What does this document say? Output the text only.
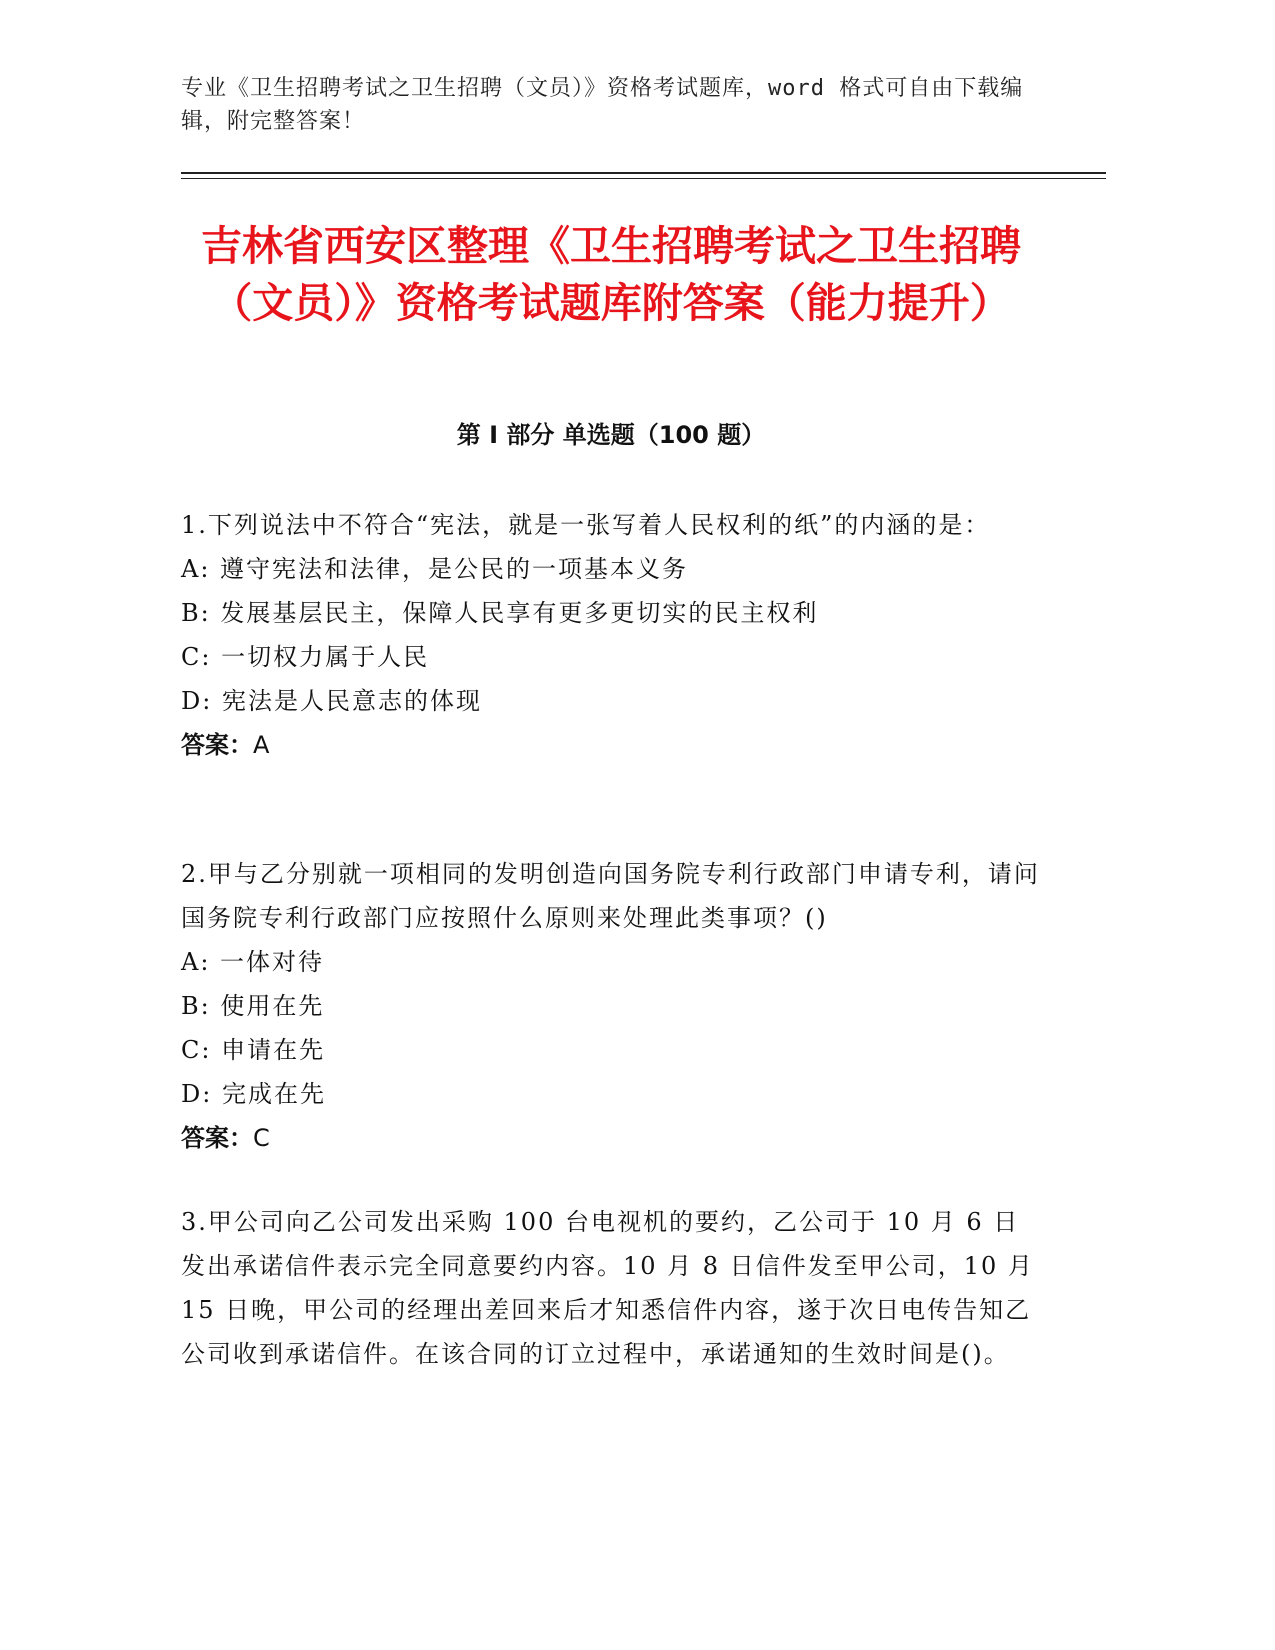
专业《卫生招聘考试之卫生招聘（文员）》资格考试题库，word 格式可自由下载编辑，附完整答案！
吉林省西安区整理《卫生招聘考试之卫生招聘（文员）》资格考试题库附答案（能力提升）
第 I 部分 单选题（100 题）
1.下列说法中不符合“宪法，就是一张写着人民权利的纸”的内涵的是：
A: 遵守宪法和法律，是公民的一项基本义务
B: 发展基层民主，保障人民享有更多更切实的民主权利
C: 一切权力属于人民
D: 宪法是人民意志的体现
答案：A
2.甲与乙分别就一项相同的发明创造向国务院专利行政部门申请专利，请问国务院专利行政部门应按照什么原则来处理此类事项？()
A: 一体对待
B: 使用在先
C: 申请在先
D: 完成在先
答案：C
3.甲公司向乙公司发出采购 100 台电视机的要约，乙公司于 10 月 6 日发出承诺信件表示完全同意要约内容。10 月 8 日信件发至甲公司，10 月 15 日晚，甲公司的经理出差回来后才知悉信件内容，遂于次日电传告知乙公司收到承诺信件。在该合同的订立过程中，承诺通知的生效时间是()。
